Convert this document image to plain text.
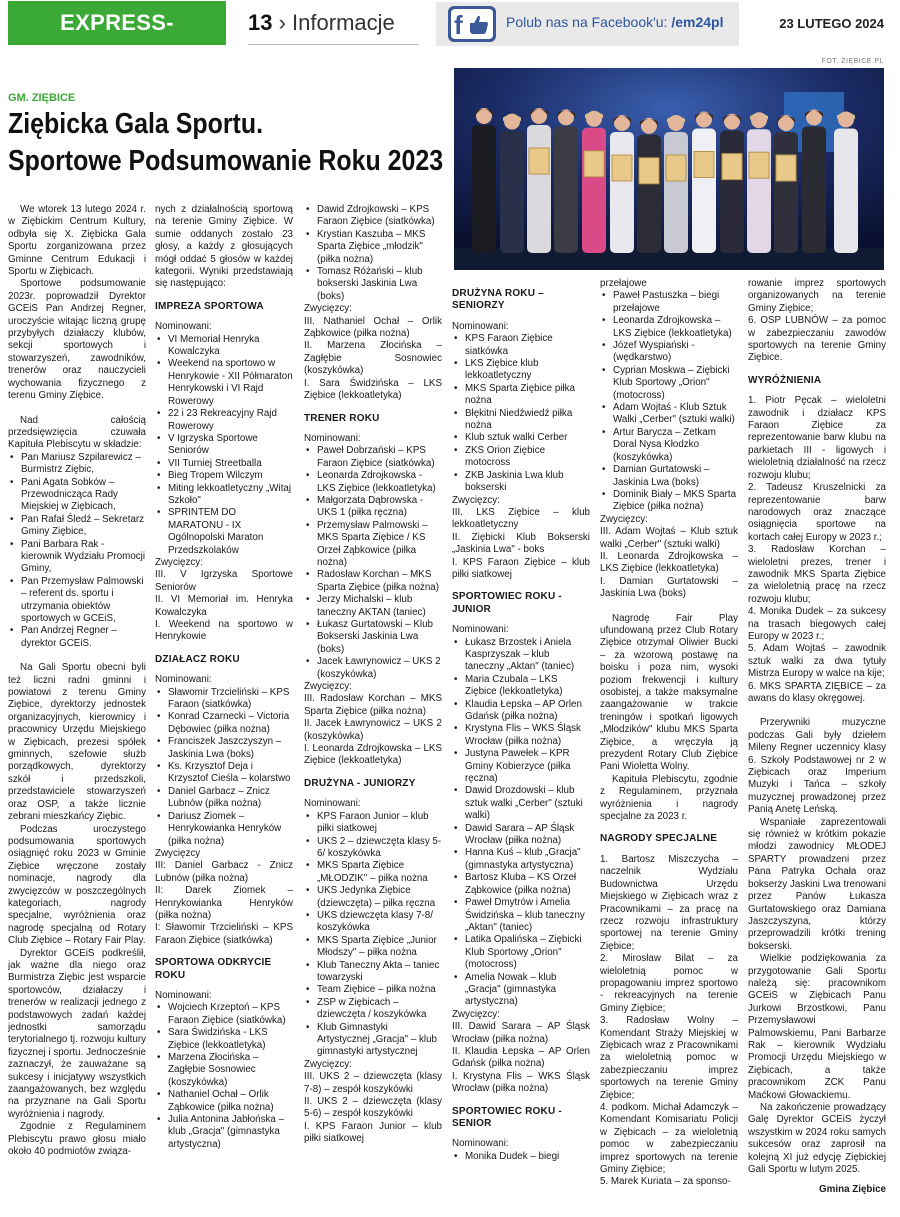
EXPRESS-MIEJSKI.PL
13 › Informacje f	Polub nas na Facebook'u: /em24pl	23 LUTEGO 2024
FOT. ZIĘBICE.PL
GM. ZIĘBICE
Ziębicka Gala Sportu.
Sportowe Podsumowanie Roku 2023

We wtorek 13 lutego 2024 r. w Ziębickim Centrum Kultury, odbyła się X. Ziębicka Gala Sportu zorganizowana przez Gminne Centrum Edukacji i Sportu w Ziębicach.

Sportowe podsumowanie 2023r. poprowadził Dyrektor GCEiS Pan Andrzej Regner, uroczyście witając liczną grupę przybyłych działaczy klubów, sekcji sportowych i stowarzyszeń, zawodników, trenerów oraz nauczycieli wychowania fizycznego z terenu Gminy Ziębice.

Nad całością przedsięwzięcia czuwała Kapituła Plebiscytu w składzie:

• Pan Mariusz Szpilarewicz – Burmistrz Ziębic,
• Pani Agata Sobków – Przewodnicząca Rady Miejskiej w Ziębicach,
• Pan Rafał Śledź – Sekretarz Gminy Ziębice,
• Pani Barbara Rak - kierownik Wydziału Promocji Gminy,
• Pan Przemysław Palmowski – referent ds. sportu i utrzymania obiektów sportowych w GCEiS,
• Pan Andrzej Regner – dyrektor GCEiS.

Na Gali Sportu obecni byli też liczni radni gminni i powiatowi z terenu Gminy Ziębice, dyrektorzy jednostek organizacyjnych, kierownicy i pracownicy Urzędu Miejskiego w Ziębicach, prezesi spółek gminnych, szefowie służb porządkowych, dyrektorzy szkół i przedszkoli, przedstawiciele stowarzyszeń oraz OSP, a także licznie zebrani mieszkańcy Ziębic.

Podczas uroczystego podsumowania sportowych osiągnięć roku 2023 w Gminie Ziębice wręczone zostały nominacje, nagrody dla zwycięzców w poszczególnych kategoriach, nagrody specjalne, wyróżnienia oraz nagrodę specjalną od Rotary Club Ziębice – Rotary Fair Play.

Dyrektor GCEiS podkreślił, jak ważne dla niego oraz Burmistrza Ziębic jest wsparcie sportowców, działaczy i trenerów w realizacji jednego z podstawowych zadań każdej jednostki samorządu terytorialnego tj. rozwoju kultury fizycznej i sportu. Jednocześnie zaznaczył, że zauważane są sukcesy i inicjatywy wszystkich zaangażowanych, bez względu na przyznane na Gali Sportu wyróżnienia i nagrody.

Zgodnie z Regulaminem Plebiscytu prawo głosu miało około 40 podmiotów związa-

nych z działalnością sportową na terenie Gminy Ziębice. W sumie oddanych zostało 23 głosy, a każdy z głosujących mógł oddać 5 głosów w każdej kategorii. Wyniki przedstawiają się następująco:

IMPREZA SPORTOWA

Nominowani:

• VI Memoriał Henryka Kowalczyka
• Weekend na sportowo w Henrykowie - XII Półmaraton Henrykowski i VI Rajd Rowerowy
• 22 i 23 Rekreacyjny Rajd Rowerowy
• V Igrzyska Sportowe Seniorów
• VII Turniej Streetballa
• Bieg Tropem Wilczym
• Miting lekkoatletyczny „Witaj Szkoło"
• SPRINTEM DO MARATONU - IX Ogólnopolski Maraton Przedszkolaków

Zwycięzcy:

III. V Igrzyska Sportowe Seniorów

II. VI Memoriał im. Henryka Kowalczyka

I. Weekend na sportowo w Henrykowie

DZIAŁACZ ROKU

Nominowani:

• Sławomir Trzcieliński – KPS Faraon (siatkówka)
• Konrad Czarnecki – Victoria Dębowiec (piłka nożna)
• Franciszek Jaszczyszyn – Jaskinia Lwa (boks)
• Ks. Krzysztof Deja i Krzysztof Cieśla – kolarstwo
• Daniel Garbacz – Znicz Lubnów (piłka nożna)
• Dariusz Ziomek – Henrykowianka Henryków (piłka nożna)

Zwycięzcy

III: Daniel Garbacz - Znicz Lubnów (piłka nożna)

II: Darek Ziomek – Henrykowianka Henryków (piłka nożna)

I: Sławomir Trzcieliński – KPS Faraon Ziębice (siatkówka)

SPORTOWA ODKRYCIE ROKU

Nominowani:

• Wojciech Krzeptoń – KPS Faraon Ziębice (siatkówka)
• Sara Świdzińska - LKS Ziębice (lekkoatletyka)
• Marzena Złocińska – Zagłębie Sosnowiec (koszykówka)
• Nathaniel Ochał – Orlik Ząbkowice (piłka nożna)
• Julia Antonina Jabłońska – klub „Gracja" (gimnastyka artystyczna)
• Dawid Zdrojkowski – KPS Faraon Ziębice (siatkówka)
• Krystian Kaszuba – MKS Sparta Ziębice „młodzik" (piłka nożna)
• Tomasz Różański – klub bokserski Jaskinia Lwa (boks)

Zwycięzcy:

III. Nathaniel Ochał – Orlik Ząbkowice (piłka nożna)

II. Marzena Złocińska – Zagłębie Sosnowiec (koszykówka)

I. Sara Świdzińska – LKS Ziębice (lekkoatletyka)

TRENER ROKU

Nominowani:

• Paweł Dobrzański – KPS Faraon Ziębice (siatkówka)
• Leonarda Zdrojkowska - LKS Ziębice (lekkoatletyka)
• Małgorzata Dąbrowska - UKS 1 (piłka ręczna)
• Przemysław Palmowski – MKS Sparta Ziębice / KS Orzeł Ząbkowice (piłka nożna)
• Radosław Korchan – MKS Sparta Ziębice (piłka nożna)
• Jerzy Michalski – klub taneczny AKTAN (taniec)
• Łukasz Gurtatowski – Klub Bokserski Jaskinia Lwa (boks)
• Jacek Ławrynowicz – UKS 2 (koszykówka)

Zwycięzcy:

III. Radosław Korchan – MKS Sparta Ziębice (piłka nożna)

II. Jacek Ławrynowicz – UKS 2 (koszykówka)

I. Leonarda Zdrojkowska – LKS Ziębice (lekkoatletyka)

DRUŻYNA - JUNIORZY

Nominowani:

• KPS Faraon Junior – klub piłki siatkowej
• UKS 2 – dziewczęta klasy 5-6/ koszykówka
• MKS Sparta Ziębice „MŁODZIK" – piłka nożna
• UKS Jedynka Ziębice (dziewczęta) – piłka ręczna
• UKS dziewczęta klasy 7-8/ koszykówka
• MKS Sparta Ziębice „Junior Młodszy" – piłka nożna
• Klub Taneczny Akta – taniec towarzyski
• Team Ziębice – piłka nożna
• ZSP w Ziębicach – dziewczęta / koszykówka
• Klub Gimnastyki Artystycznej „Gracja" – klub gimnastyki artystycznej

Zwycięzcy:

III. UKS 2 – dziewczęta (klasy 7-8) – zespół koszykówki

II. UKS 2 – dziewczęta (klasy 5-6) – zespół koszykówki

I. KPS Faraon Junior – klub piłki siatkowej

DRUŻYNA ROKU – SENIORZY

Nominowani:

• KPS Faraon Ziębice siatkówka
• LKS Ziębice klub lekkoatletyczny
• MKS Sparta Ziębice piłka nożna
• Błękitni Niedźwiedź piłka nożna
• Klub sztuk walki Cerber
• ZKS Orion Ziębice motocross
• ZKB Jaskinia Lwa klub bokserski

Zwycięzcy:

III. LKS Ziębice – klub lekkoatletyczny

II. Ziębicki Klub Bokserski „Jaskinia Lwa" - boks

I. KPS Faraon Ziębice – klub piłki siatkowej

SPORTOWIEC ROKU - JUNIOR

Nominowani:

• Łukasz Brzostek i Aniela Kasprzyszak – klub taneczny „Aktan" (taniec)
• Maria Czubala – LKS Ziębice (lekkoatletyka)
• Klaudia Łepska – AP Orlen Gdańsk (piłka nożna)
• Krystyna Flis – WKS Śląsk Wrocław (piłka nożna)
• Justyna Pawełek – KPR Gminy Kobierzyce (piłka ręczna)
• Dawid Drozdowski – klub sztuk walki „Cerber" (sztuki walki)
• Dawid Sarara – AP Śląsk Wrocław (piłka nożna)
• Hanna Kuś – klub „Gracja" (gimnastyka artystyczna)
• Bartosz Kluba – KS Orzeł Ząbkowice (piłka nożna)
• Paweł Dmytrów i Amelia Świdzińska – klub taneczny „Aktan" (taniec)
• Latika Opalińska – Ziębicki Klub Sportowy „Orion" (motocross)
• Amelia Nowak – klub „Gracja" (gimnastyka artystyczna)

Zwycięzcy:

III. Dawid Sarara – AP Śląsk Wrocław (piłka nożna)

II. Klaudia Łepska – AP Orlen Gdańsk (piłka nożna)

I. Krystyna Flis – WKS Śląsk Wrocław (piłka nożna)

SPORTOWIEC ROKU - SENIOR

Nominowani:

• Monika Dudek – biegi

przełajowe

• Paweł Pastuszka – biegi przełajowe
• Leonarda Zdrojkowska – LKS Ziębice (lekkoatletyka)
• Józef Wyspiański - (wędkarstwo)
• Cyprian Moskwa – Ziębicki Klub Sportowy „Orion" (motocross)
• Adam Wojtaś - Klub Sztuk Walki „Cerber" (sztuki walki)
• Artur Barycza – Zetkam Doral Nysa Kłodzko (koszykówka)
• Damian Gurtatowski – Jaskinia Lwa (boks)
• Dominik Biały – MKS Sparta Ziębice (piłka nożna)

Zwycięzcy:

III. Adam Wojtaś – Klub sztuk walki „Cerber" (sztuki walki)

II. Leonarda Zdrojkowska – LKS Ziębice (lekkoatletyka)

I. Damian Gurtatowski – Jaskinia Lwa (boks)

Nagrodę Fair Play ufundowaną przez Club Rotary Ziębice otrzymał Oliwier Bucki – za wzorową postawę na boisku i poza nim, wysoki poziom frekwencji i kultury osobistej, a także maksymalne zaangażowanie w trakcie treningów i spotkań ligowych „Młodzików" klubu MKS Sparta Ziębice, a wręczyła ją prezydent Rotary Club Ziębice Pani Wioletta Wolny.

Kapituła Plebiscytu, zgodnie z Regulaminem, przyznała wyróżnienia i nagrody specjalne za 2023 r.

NAGRODY SPECJALNE

1. Bartosz Miszczycha – naczelnik Wydziału Budownictwa Urzędu Miejskiego w Ziębicach wraz z Pracownikami – za pracę na rzecz rozwoju infrastruktury sportowej na terenie Gminy Ziębice;

2. Mirosław Bilat – za wieloletnią pomoc w propagowaniu imprez sportowo - rekreacyjnych na terenie Gminy Ziębice;

3. Radosław Wolny – Komendant Straży Miejskiej w Ziębicach wraz z Pracownikami za wieloletnią pomoc w zabezpieczaniu imprez sportowych na terenie Gminy Ziębice;

4. podkom. Michał Adamczyk – Komendant Komisariatu Policji w Ziębicach – za wieloletnią pomoc w zabezpieczaniu imprez sportowych na terenie Gminy Ziębice;

5. Marek Kuriata – za sponso-

rowanie imprez sportowych organizowanych na terenie Gminy Ziębice;

6. OSP LUBNÓW – za pomoc w zabezpieczaniu zawodów sportowych na terenie Gminy Ziębice.

WYRÓŻNIENIA

1. Piotr Pęcak – wieloletni zawodnik i działacz KPS Faraon Ziębice za reprezentowanie barw klubu na parkietach III - ligowych i wieloletnią działalność na rzecz rozwoju klubu;

2. Tadeusz Kruszelnicki za reprezentowanie barw narodowych oraz znaczące osiągnięcia sportowe na kortach całej Europy w 2023 r.;

3. Radosław Korchan – wieloletni prezes, trener i zawodnik MKS Sparta Ziębice za wieloletnią pracę na rzecz rozwoju klubu;

4. Monika Dudek – za sukcesy na trasach biegowych całej Europy w 2023 r.;

5. Adam Wojtaś – zawodnik sztuk walki za dwa tytuły Mistrza Europy w walce na kije;

6. MKS SPARTA ZIĘBICE – za awans do klasy okręgowej.

Przerywniki muzyczne podczas Gali były dziełem Mileny Regner uczennicy klasy 6. Szkoły Podstawowej nr 2 w Ziębicach oraz Imperium Muzyki i Tańca – szkoły muzycznej prowadzonej przez Panią Anetę Leńską.

Wspaniałe zaprezentowali się również w krótkim pokazie młodzi zawodnicy MŁODEJ SPARTY prowadzeni przez Pana Patryka Ochała oraz bokserzy Jaskini Lwa trenowani przez Panów Łukasza Gurtatowskiego oraz Damiana Jaszczyszyna, którzy przeprowadzili krótki trening bokserski.

Wielkie podziękowania za przygotowanie Gali Sportu należą się: pracownikom GCEiS w Ziębicach Panu Jurkowi Brzostkowi, Panu Przemysławowi Palmowskiemu, Pani Barbarze Rak – kierownik Wydziału Promocji Urzędu Miejskiego w Ziębicach, a także pracownikom ZCK Panu Maćkowi Głowackiemu.

Na zakończenie prowadzący Galę Dyrektor GCEiS życzył wszystkim w 2024 roku samych sukcesów oraz zaprosił na kolejną XI już edycję Ziębickiej Gali Sportu w lutym 2025.

Gmina Ziębice
